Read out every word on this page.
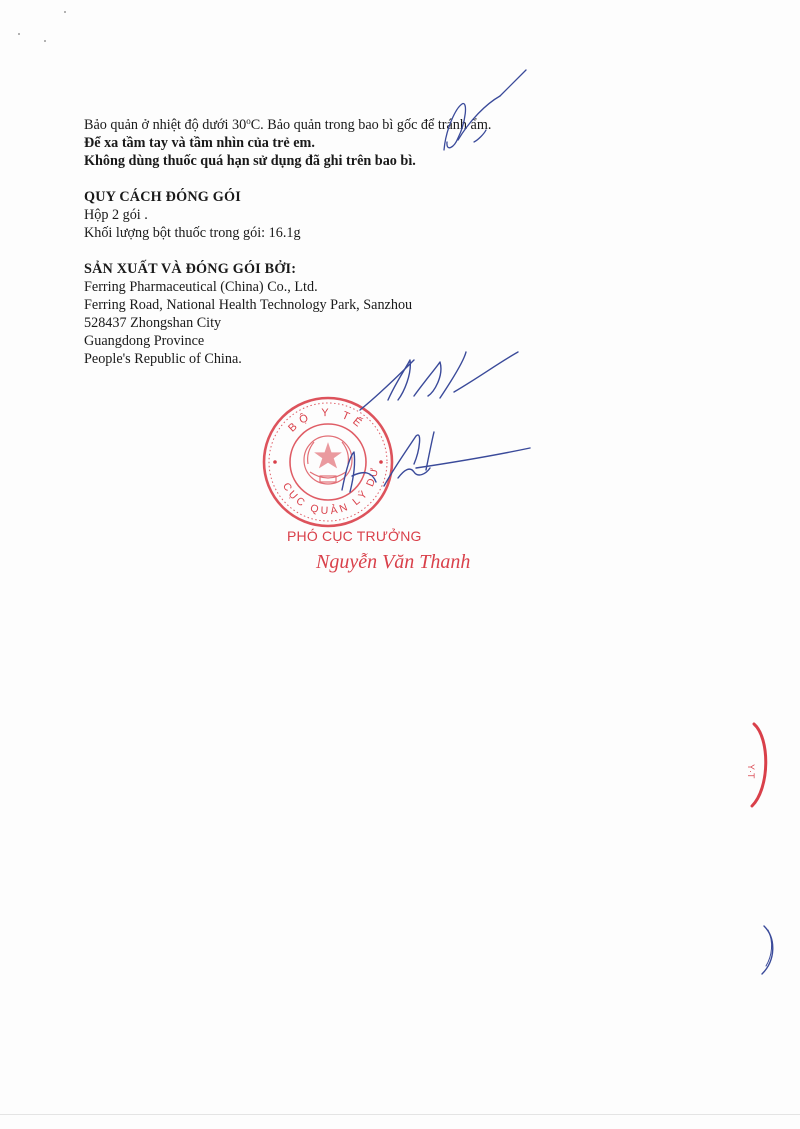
Bảo quản ở nhiệt độ dưới 30$^o$C. Bảo quản trong bao bì gốc để tránh ẩm.

Để xa tầm tay và tầm nhìn của trẻ em.

Không dùng thuốc quá hạn sử dụng đã ghi trên bao bì.

QUY CÁCH ĐÓNG GÓI

Hộp 2 gói .

Khối lượng bột thuốc trong gói: 16.1g

SẢN XUẤT VÀ ĐÓNG GÓI BỞI:

Ferring Pharmaceutical (China) Co., Ltd.

Ferring Road, National Health Technology Park, Sanzhou

528437 Zhongshan City

Guangdong Province

People's Republic of China.

BỘ Y TẾ
CỤC QUẢN LÝ DƯ
PHÓ CỤC TRƯỞNG
Nguyễn Văn Thanh
Y·T
